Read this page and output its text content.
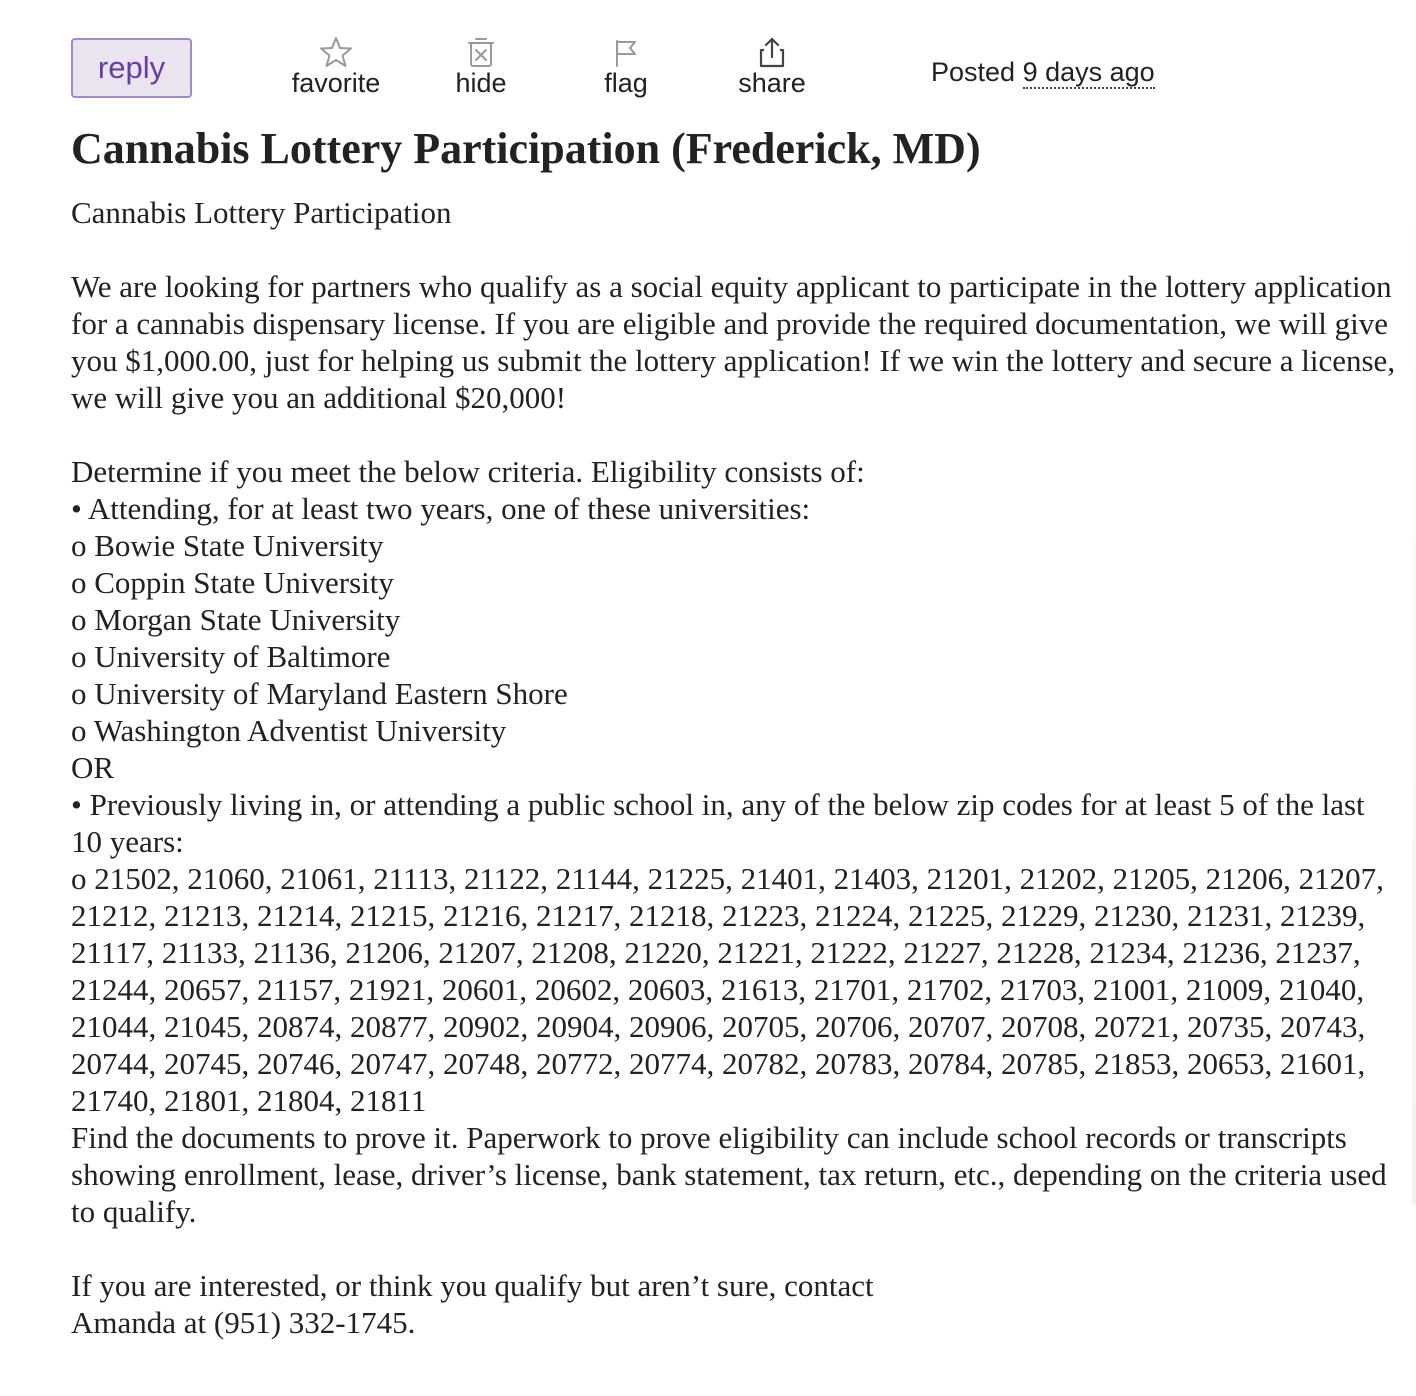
reply	favorite	hide	flag	share	Posted 9 days ago
Cannabis Lottery Participation (Frederick, MD)
Cannabis Lottery Participation
We are looking for partners who qualify as a social equity applicant to participate in the lottery application for a cannabis dispensary license. If you are eligible and provide the required documentation, we will give you $1,000.00, just for helping us submit the lottery application! If we win the lottery and secure a license, we will give you an additional $20,000!
Determine if you meet the below criteria. Eligibility consists of:
• Attending, for at least two years, one of these universities:
o Bowie State University
o Coppin State University
o Morgan State University
o University of Baltimore
o University of Maryland Eastern Shore
o Washington Adventist University
OR
• Previously living in, or attending a public school in, any of the below zip codes for at least 5 of the last 10 years:
o 21502, 21060, 21061, 21113, 21122, 21144, 21225, 21401, 21403, 21201, 21202, 21205, 21206, 21207, 21212, 21213, 21214, 21215, 21216, 21217, 21218, 21223, 21224, 21225, 21229, 21230, 21231, 21239, 21117, 21133, 21136, 21206, 21207, 21208, 21220, 21221, 21222, 21227, 21228, 21234, 21236, 21237, 21244, 20657, 21157, 21921, 20601, 20602, 20603, 21613, 21701, 21702, 21703, 21001, 21009, 21040, 21044, 21045, 20874, 20877, 20902, 20904, 20906, 20705, 20706, 20707, 20708, 20721, 20735, 20743, 20744, 20745, 20746, 20747, 20748, 20772, 20774, 20782, 20783, 20784, 20785, 21853, 20653, 21601, 21740, 21801, 21804, 21811
Find the documents to prove it. Paperwork to prove eligibility can include school records or transcripts showing enrollment, lease, driver’s license, bank statement, tax return, etc., depending on the criteria used to qualify.
If you are interested, or think you qualify but aren’t sure, contact
Amanda at (951) 332-1745.
